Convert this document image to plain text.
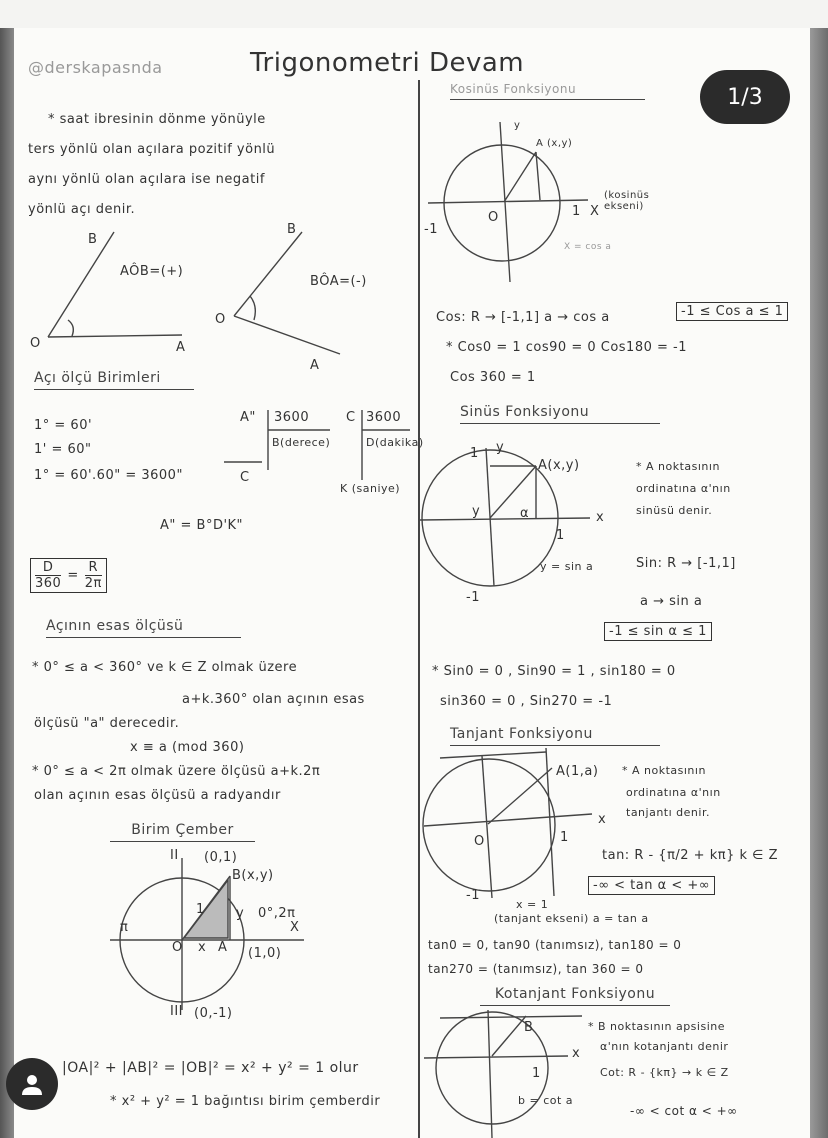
@derskapasnda	Trigonometri Devam
1/3
* saat ibresinin dönme yönüyle
ters yönlü olan açılara pozitif yönlü
aynı yönlü olan açılara ise negatif
yönlü açı denir.
AÔB=(+)
O	A
B
BÔA=(-)
O
A
B
Açı ölçü Birimleri
1° = 60'
1' = 60"
1° = 60'.60" = 3600"
A" 3600
B(derece)
C
C 3600
D(dakika)
K (saniye)
A" = B°D'K"
$\frac{D}{360} = \frac{R}{2\pi}$
Açının esas ölçüsü
* 0° ≤ a < 360° ve k ∈ Z olmak üzere
a+k.360° olan açının esas
ölçüsü "a" derecedir.
x ≡ a (mod 360)
* 0° ≤ a < 2π olmak üzere ölçüsü a+k.2π
olan açının esas ölçüsü a radyandır
Birim Çember
II (0,1)
B(x,y)
1 y 0°,2π
X
π
O x A (1,0)
III (0,-1)
|OA|² + |AB|² = |OB|² = x² + y² = 1 olur
* x² + y² = 1 bağıntısı birim çemberdir
Kosinüs Fonksiyonu
A (x,y)
y
1 X
(kosinüs ekseni)
-1
O
X = cos a
Cos: R → [-1,1] a → cos a	-1 ≤ Cos a ≤ 1
* Cos0 = 1 cos90 = 0 Cos180 = -1
Cos 360 = 1
Sinüs Fonksiyonu
1 y
A(x,y)
y	α	x
1
-1
y = sin a
* A noktasının
ordinatına α'nın
sinüsü denir.
Sin: R → [-1,1]
a → sin a
-1 ≤ sin α ≤ 1
* Sin0 = 0 , Sin90 = 1 , sin180 = 0
sin360 = 0 , Sin270 = -1
Tanjant Fonksiyonu
A(1,a)
x
O	1
-1
x = 1
(tanjant ekseni) a = tan a
* A noktasının
ordinatına α'nın
tanjantı denir.
tan: R - {π/2 + kπ} k ∈ Z
-∞ < tan α < +∞
tan0 = 0, tan90 (tanımsız), tan180 = 0
tan270 = (tanımsız), tan 360 = 0
Kotanjant Fonksiyonu
B
x
1
b = cot a
* B noktasının apsisine
α'nın kotanjantı denir
Cot: R - {kπ} → k ∈ Z
-∞ < cot α < +∞
